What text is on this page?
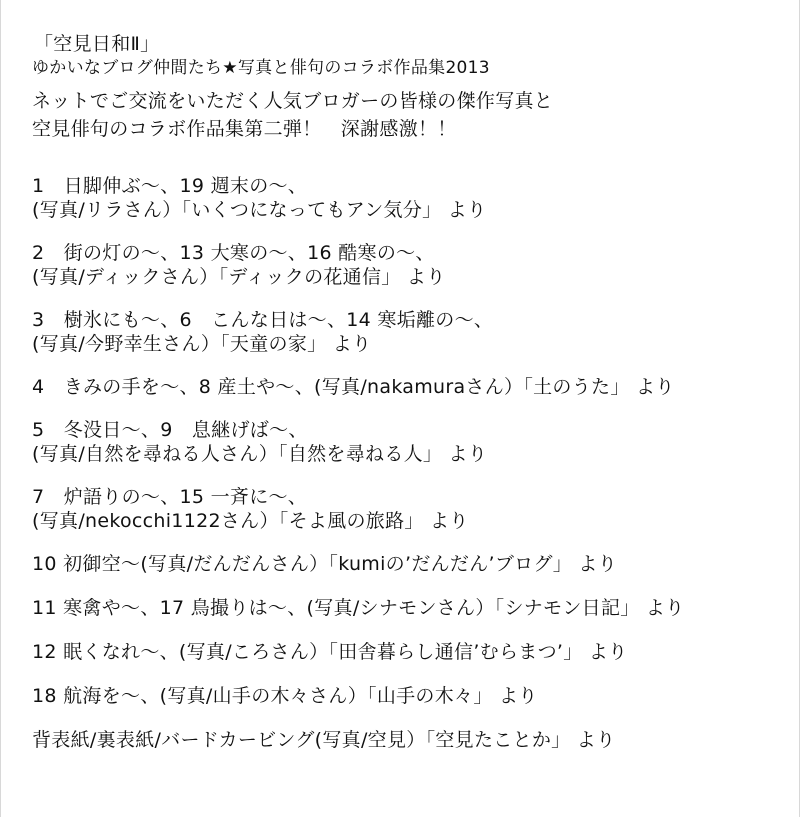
「空見日和Ⅱ」
ゆかいなブログ仲間たち★写真と俳句のコラボ作品集2013
ネットでご交流をいただく人気ブロガーの皆様の傑作写真と
空見俳句のコラボ作品集第二弾！　深謝感激！！
1　日脚伸ぶ～、19 週末の～、
(写真/リラさん）「いくつになってもアン気分」 より
2　街の灯の～、13 大寒の～、16 酷寒の～、
(写真/ディックさん）「ディックの花通信」 より
3　樹氷にも～、6　こんな日は～、14 寒垢離の～、
(写真/今野幸生さん）「天童の家」 より
4　きみの手を～、8 産土や～、(写真/nakamuraさん）「土のうた」 より
5　冬没日～、9　息継げば～、
(写真/自然を尋ねる人さん）「自然を尋ねる人」 より
7　炉語りの～、15 一斉に～、
(写真/nekocchi1122さん）「そよ風の旅路」 より
10 初御空～(写真/だんだんさん）「kumiの’だんだん’ブログ」 より
11 寒禽や～、17 鳥撮りは～、(写真/シナモンさん）「シナモン日記」 より
12 眠くなれ～、(写真/ころさん）「田舎暮らし通信’むらまつ’」 より
18 航海を～、(写真/山手の木々さん）「山手の木々」 より
背表紙/裏表紙/バードカービング(写真/空見）「空見たことか」 より
